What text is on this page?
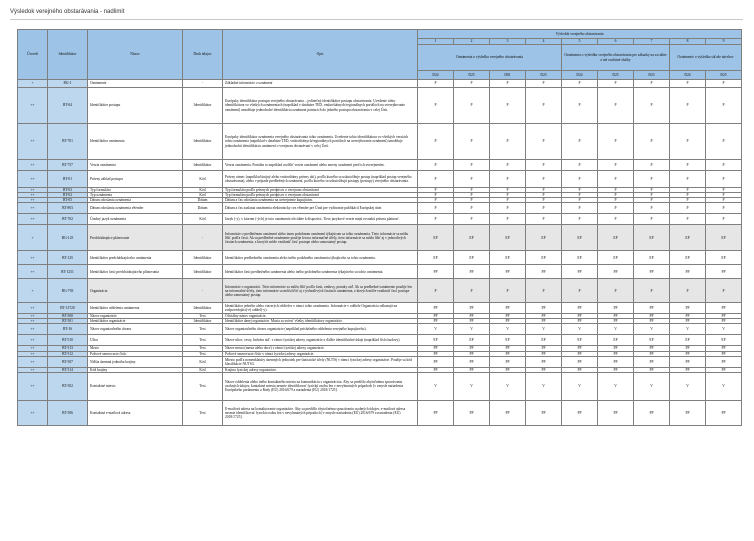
Výsledok verejného obstarávania - nadlimit
Úroveň	Identifikátor	Názov	Druh údajov	Opis	Výsledok verejného obstarávania								
					1	2	3	4	5	6	7	8	9
					Oznámenia o výsledku verejného obstarávania				Oznámenia o výsledku verejného obstarávania pre zákazky na sociálne a iné osobitné služby			Oznámenie o výsledku súťaže návrhov	
					D24	D25	D81	D23	D24	D25	D23	D24	D25
+	BG-1	Oznámenie	-	Základné informácie o oznámení	P	P	P	P	P	P	P	P	P
++	BT-04	Identifikátor postupu	Identifikátor	Európsky identifikátor postupu verejného obstarávania – jedinečný identifikátor postupu obstarávania. Uvedenie tohto identifikátora vo všetkých oznámeniach (napríklad v databáze TED, vnútroštátnych/regionálnych portáloch na uverejňovanie oznámení) umožňuje jednoduché identifikácia oznámení patriacich do jedného postupu obstarávania v celej Únii.	P	P	P	P	P	P	P	P	P
++	BT-701	Identifikátor oznámenia	Identifikátor	Európsky identifikátor oznámenia verejného obstarávania tohto oznámenia. Uvedenie tohto identifikátora vo všetkých verziách tohto oznámenia (napríklad v databáze TED, vnútroštátnych/regionálnych portáloch na uverejňovanie oznámení) umožňuje jednoduchú identifikáciu oznámení o verejnom obstarávaní v celej Únii.	P	P	P	P	P	P	P	P	P
++	BT-757	Verzia oznámenia	Identifikátor	Verzia oznámenia. Pomáha to napríklad rozlíšiť verzie oznámení alebo zmeny oznámení pred ich uverejnením.	P	P	P	P	P	P	P	P	P
++	BT-01	Právny základ postupu	Kód	Právny rámec (napríklad únijný alebo vnútroštátny právny akt), podľa ktorého sa uskutočňuje postup (napríklad postup verejného obstarávania), alebo v prípade predbežných oznámení, podľa ktorého sa uskutočňujú postupy (postupy) verejného obstarávania.	P	P	P	P	P	P	P	P	P
++	BT-03	Typ formulára	Kód	Typ formulára podľa právnych predpisov o verejnom obstarávaní	P	P	P	P	P	P	P	P	P
++	BT-02	Typ oznámenia	Kód	Typ formulára podľa právnych predpisov o verejnom obstarávaní	P	P	P	P	P	P	P	P	P
++	BT-05	Dátum odoslania oznámenia	Dátum	Dátum a čas odoslania oznámenia na uverejnenie kupujúcim.	P	P	P	P	P	P	P	P	P
++	BT-803	Dátum odoslania oznámenia eSender	Dátum	Dátum a čas zaslania oznámenia elektronicky cez eSender pre Úrad pre vydávanie publikácií Európskej únie.	P	P	P	P	P	P	P	P	P
++	BT-702	Úradný jazyk oznámenia	Kód	Jazyk (-y), v ktorom (-ých) je toto oznámenie oficiálne k dispozícii. Tieto jazykové verzie majú rovnakú právnu platnosť.	P	P	P	P	P	P	P	P	P
+	BG-125	Predchádzajúce plánovanie	-	Informácie o predbežnom oznámení alebo inom podobnom oznámení týkajúcom sa tohto oznámenia. Tieto informácie sa môžu líšiť podľa časti. Ak sa predbežné oznámenie použije len na informačné účely, tieto informácie sa môžu líšiť aj v jednotlivých častiach oznámenia, z ktorých môže vzniknúť časť postupe alebo samostatný postup.	EP	EP	EP	EP	EP	EP	EP	EP	EP
++	BT-125	Identifikátor predchádzajúceho oznámenia	Identifikátor	Identifikátor predbežného oznámenia alebo iného podobného oznámenia týkajúceho sa tohto oznámenia.	EP	EP	EP	EP	EP	EP	EP	EP	EP
++	BT-1251	Identifikátor časti predchádzajúceho plánovania	Identifikátor	Identifikátor časti predbežného oznámenia alebo iného podobného oznámenia týkajúceho sa tohto oznámenia.	PP	PP	PP	PP	PP	PP	PP	PP	PP
+	BG-703	Organizácia	-	Informácie o organizácii. Tieto informácie sa môžu líšiť podľa časti, zmluvy, ponuky atď. Ak sa predbežné oznámenie použije len na informačné účely, tieto informácie sa môžu líšiť aj v jednotlivých častiach oznámenia, z ktorých môže vzniknúť časť postupe alebo samostatný postup.	P	P	P	P	P	P	P	P	P
++	BT-13720	Identifikátor oddelenia oznámenia	Identifikátor	Identifikátor jedného alebo viacerých oddielov v rámci tohto oznámenia. Informácie v oddiele Organizácia odkazujú na zodpovedajúci(-e) oddiel(-y).	PP	PP	PP	PP	PP	PP	PP	PP	PP
++	BT-500	Názov organizácie	Text	Oficiálny názov organizácie.	PP	PP	PP	PP	PP	PP	PP	PP	PP
++	BT-501	Identifikátor organizácie	Identifikátor	Identifikátor danej organizácie. Musia sa uviesť všetky identifikátory organizácie.	PP	PP	PP	PP	PP	PP	PP	PP	PP
++	BT-16	Názov organizačného útvaru	Text	Názov organizačného útvaru organizácie (napríklad príslušného oddelenia verejného kupujúceho).	V	V	V	V	V	V	V	V	V
++	BT-510	Ulica	Text	Názov ulice, cesty, bulváru atď. v rámci fyzickej adresy organizácie a ďalšie identifikačné údaje (napríklad číslo budovy).	EP	EP	EP	EP	EP	EP	EP	EP	EP
++	BT-513	Mesto	Text	Názov mesta (mesta alebo obce) v rámci fyzickej adresy organizácie.	PP	PP	PP	PP	PP	PP	PP	PP	PP
++	BT-512	Poštové smerovacie číslo	Text	Poštové smerovacie číslo v rámci fyzickej adresy organizácie.	PP	PP	PP	PP	PP	PP	PP	PP	PP
++	BT-507	Nižšia územná jednotka krajiny	Kód	Miesto podľa nomenklatúry územných jednotiek pre štatistické účely (NUTS) v rámci fyzickej adresy organizácie. Použije sa kód klasifikácie NUTS3.	PP	PP	PP	PP	PP	PP	PP	PP	PP
++	BT-514	Kód krajiny	Kód	Krajina fyzickej adresy organizácie.	PP	PP	PP	PP	PP	PP	PP	PP	PP
++	BT-502	Kontaktné miesto	Text	Názov oddelenia alebo iného kontaktného miesta na komunikáciu s organizáciou. Aby sa predišlo zbytočnému spracúvaniu osobných údajov, kontaktné miesto nesmie identifikovať fyzickú osobu len v nevyhnutných prípadoch [v zmysle nariadenia Európskeho parlamentu a Rady (EÚ) 2016/679 a nariadenia (EÚ) 2018/1725].	V	V	V	V	V	V	V	V	V
++	BT-506	Kontaktná e-mailová adresa	Text	E-mailová adresa na kontaktovanie organizácie. Aby sa predišlo zbytočnému spracúvaniu osobných údajov, e-mailová adresa nesmie identifikovať fyzickú osobu len v nevyhnutných prípadoch [v zmysle nariadenia (EÚ) 2016/679 a nariadenia (EÚ) 2018/1725].	PP	PP	PP	PP	PP	PP	PP	PP	PP
